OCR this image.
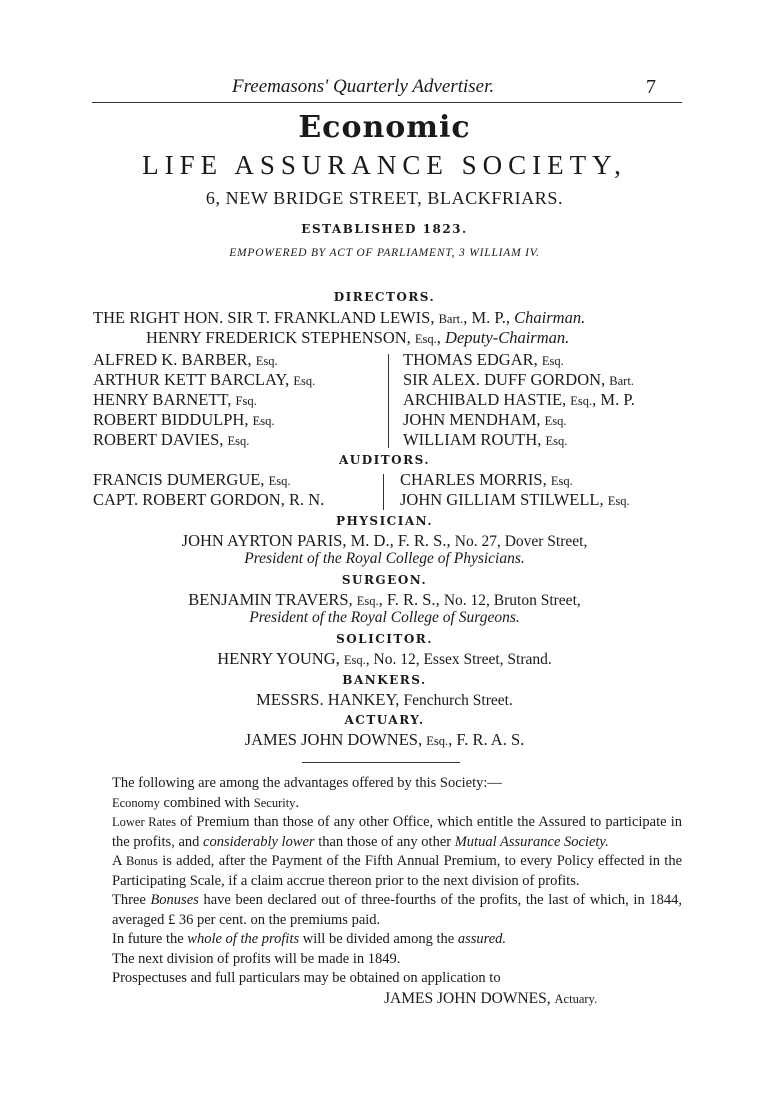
Freemasons' Quarterly Advertiser.	7
Economic
LIFE ASSURANCE SOCIETY,
6, NEW BRIDGE STREET, BLACKFRIARS.
ESTABLISHED 1823.
EMPOWERED BY ACT OF PARLIAMENT, 3 WILLIAM IV.
DIRECTORS.
THE RIGHT HON. SIR T. FRANKLAND LEWIS, Bart., M. P., Chairman.
HENRY FREDERICK STEPHENSON, Esq., Deputy-Chairman.
ALFRED K. BARBER, Esq.
ARTHUR KETT BARCLAY, Esq.
HENRY BARNETT, Fsq.
ROBERT BIDDULPH, Esq.
ROBERT DAVIES, Esq.
THOMAS EDGAR, Esq.
SIR ALEX. DUFF GORDON, Bart.
ARCHIBALD HASTIE, Esq., M. P.
JOHN MENDHAM, Esq.
WILLIAM ROUTH, Esq.
AUDITORS.
FRANCIS DUMERGUE, Esq.
CAPT. ROBERT GORDON, R. N.
CHARLES MORRIS, Esq.
JOHN GILLIAM STILWELL, Esq.
PHYSICIAN.
JOHN AYRTON PARIS, M. D., F. R. S., No. 27, Dover Street,
President of the Royal College of Physicians.
SURGEON.
BENJAMIN TRAVERS, Esq., F. R. S., No. 12, Bruton Street,
President of the Royal College of Surgeons.
SOLICITOR.
HENRY YOUNG, Esq., No. 12, Essex Street, Strand.
BANKERS.
MESSRS. HANKEY, Fenchurch Street.
ACTUARY.
JAMES JOHN DOWNES, Esq., F. R. A. S.
The following are among the advantages offered by this Society:—
Economy combined with Security.
Lower Rates of Premium than those of any other Office, which entitle the Assured to participate in the profits, and considerably lower than those of any other Mutual Assurance Society.
A Bonus is added, after the Payment of the Fifth Annual Premium, to every Policy effected in the Participating Scale, if a claim accrue thereon prior to the next division of profits.
Three Bonuses have been declared out of three-fourths of the profits, the last of which, in 1844, averaged £ 36 per cent. on the premiums paid.
In future the whole of the profits will be divided among the assured.
The next division of profits will be made in 1849.
Prospectuses and full particulars may be obtained on application to
JAMES JOHN DOWNES, Actuary.
